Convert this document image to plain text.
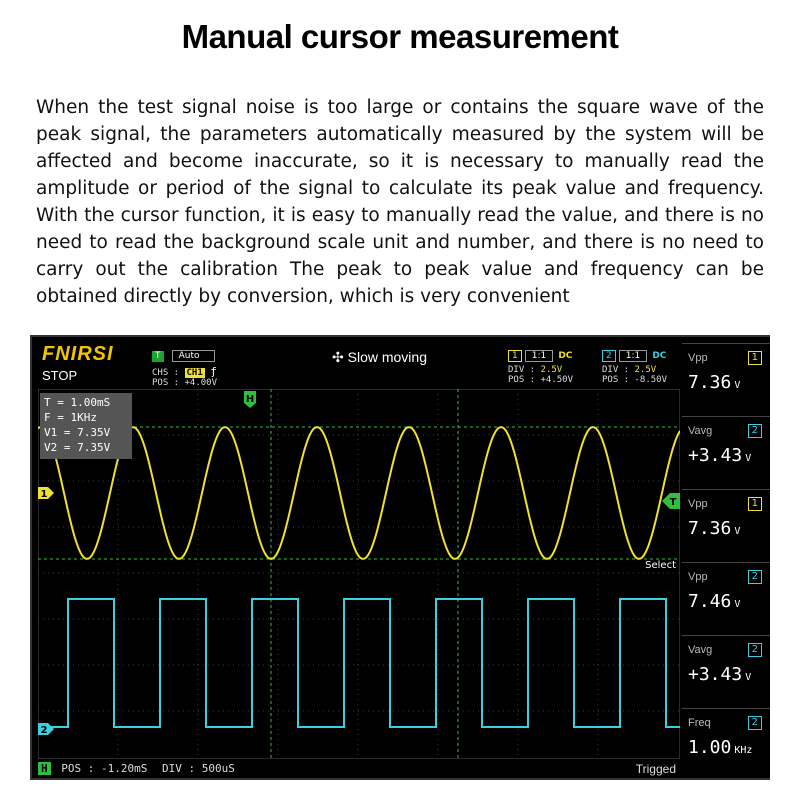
Manual cursor measurement
When the test signal noise is too large or contains the square wave of the peak signal, the parameters automatically measured by the system will be affected and become inaccurate, so it is necessary to manually read the amplitude or period of the signal to calculate its peak value and frequency. With the cursor function, it is easy to manually read the value, and there is no need to read the background scale unit and number, and there is no need to carry out the calibration The peak to peak value and frequency can be obtained directly by conversion, which is very convenient
FNIRSI
STOP
T Auto
CHS : CH1 ƒ
POS : +4.00V
✣ Slow moving	1 1:1 DC
DIV : 2.5V
POS : +4.50V
2 1:1 DC
DIV : 2.5V
POS : -8.50V
H
1
2
T
Select
T = 1.00mS
F = 1KHz
V1 = 7.35V
V2 = 7.35V
H POS : -1.20mS DIV : 500uS	Trigged
Vpp	1
7.36 V
Vavg	2
+3.43 V
Vpp	1
7.36 V
Vpp	2
7.46 V
Vavg	2
+3.43 V
Freq	2
1.00 KHz
